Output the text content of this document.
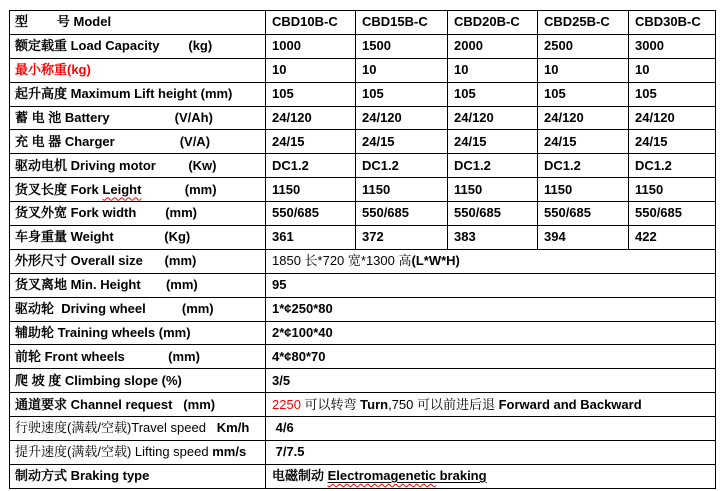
型        号 Model	CBD10B-C	CBD15B-C	CBD20B-C	CBD25B-C	CBD30B-C
额定载重 Load Capacity        (kg)	1000	1500	2000	2500	3000
最小称重(kg)	10	10	10	10	10
起升高度 Maximum Lift height (mm)	105	105	105	105	105
蓄 电 池 Battery                  (V/Ah)	24/120	24/120	24/120	24/120	24/120
充 电 器 Charger                  (V/A)	24/15	24/15	24/15	24/15	24/15
驱动电机 Driving motor         (Kw)	DC1.2	DC1.2	DC1.2	DC1.2	DC1.2
货叉长度 Fork Leight            (mm)	1150	1150	1150	1150	1150
货叉外宽 Fork width        (mm)	550/685	550/685	550/685	550/685	550/685
车身重量 Weight              (Kg)	361	372	383	394	422
外形尺寸 Overall size      (mm)	1850 长*720 宽*1300 高(L*W*H)				
货叉离地 Min. Height       (mm)	95				
驱动轮  Driving wheel          (mm)	1*¢250*80				
辅助轮 Training wheels (mm)	2*¢100*40				
前轮 Front wheels            (mm)	4*¢80*70				
爬 坡 度 Climbing slope (%)	3/5				
通道要求 Channel request   (mm)	2250 可以转弯 Turn,750 可以前进后退 Forward and Backward				
行驶速度(满载/空载)Travel speed   Km/h	4/6				
提升速度(满载/空载) Lifting speed mm/s	7/7.5				
制动方式 Braking type	电磁制动 Electromagenetic braking				
